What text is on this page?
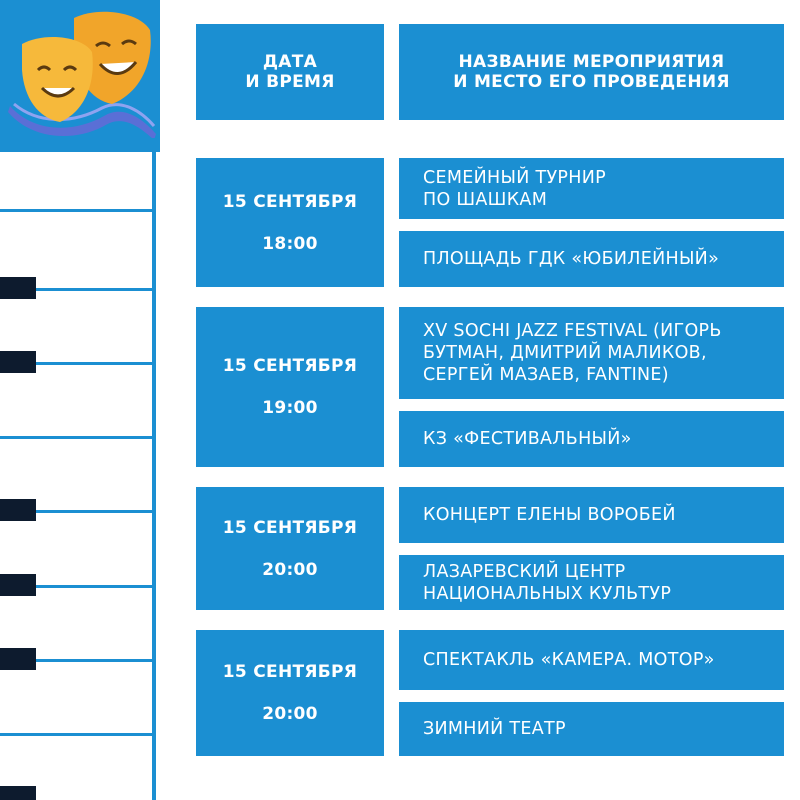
ДАТА
И ВРЕМЯ
НАЗВАНИЕ МЕРОПРИЯТИЯ
И МЕСТО ЕГО ПРОВЕДЕНИЯ
15 СЕНТЯБРЯ
18:00
СЕМЕЙНЫЙ ТУРНИР
ПО ШАШКАМ
ПЛОЩАДЬ ГДК «ЮБИЛЕЙНЫЙ»
15 СЕНТЯБРЯ
19:00
XV SOCHI JAZZ FESTIVAL (ИГОРЬ
БУТМАН, ДМИТРИЙ МАЛИКОВ,
СЕРГЕЙ МАЗАЕВ, FANTINE)
КЗ «ФЕСТИВАЛЬНЫЙ»
15 СЕНТЯБРЯ
20:00
КОНЦЕРТ ЕЛЕНЫ ВОРОБЕЙ
ЛАЗАРЕВСКИЙ ЦЕНТР
НАЦИОНАЛЬНЫХ КУЛЬТУР
15 СЕНТЯБРЯ
20:00
СПЕКТАКЛЬ «КАМЕРА. МОТОР»
ЗИМНИЙ ТЕАТР
